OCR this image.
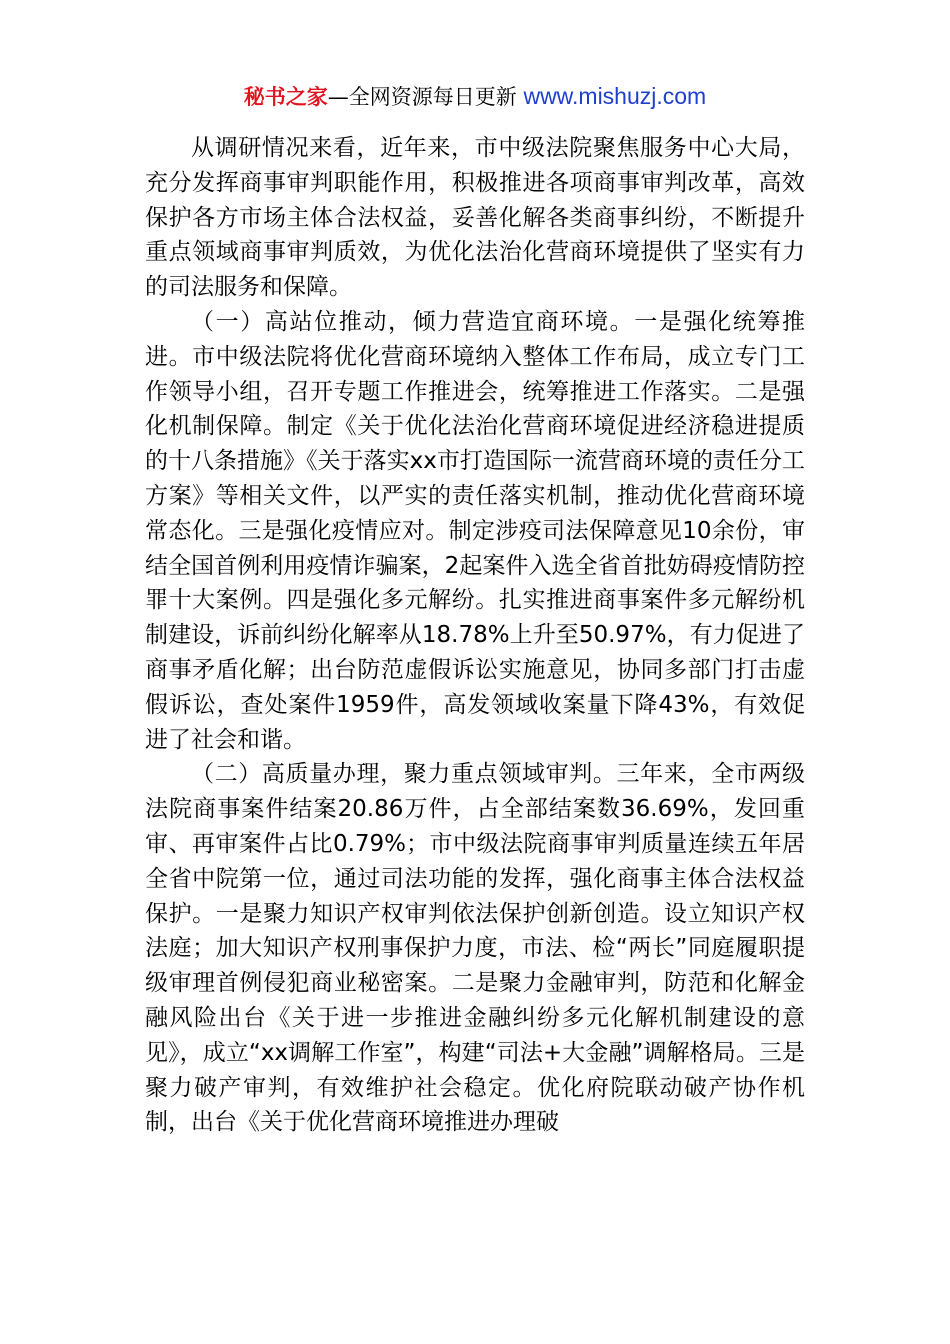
秘书之家—全网资源每日更新 www.mishuzj.com

从调研情况来看，近年来，市中级法院聚焦服务中心大局，充分发挥商事审判职能作用，积极推进各项商事审判改革，高效保护各方市场主体合法权益，妥善化解各类商事纠纷，不断提升重点领域商事审判质效，为优化法治化营商环境提供了坚实有力的司法服务和保障。

（一）高站位推动，倾力营造宜商环境。一是强化统筹推进。市中级法院将优化营商环境纳入整体工作布局，成立专门工作领导小组，召开专题工作推进会，统筹推进工作落实。二是强化机制保障。制定《关于优化法治化营商环境促进经济稳进提质的十八条措施》《关于落实xx市打造国际一流营商环境的责任分工方案》等相关文件，以严实的责任落实机制，推动优化营商环境常态化。三是强化疫情应对。制定涉疫司法保障意见10余份，审结全国首例利用疫情诈骗案，2起案件入选全省首批妨碍疫情防控罪十大案例。四是强化多元解纷。扎实推进商事案件多元解纷机制建设，诉前纠纷化解率从18.78%上升至50.97%，有力促进了商事矛盾化解；出台防范虚假诉讼实施意见，协同多部门打击虚假诉讼，查处案件1959件，高发领域收案量下降43%，有效促进了社会和谐。

（二）高质量办理，聚力重点领域审判。三年来，全市两级法院商事案件结案20.86万件，占全部结案数36.69%，发回重审、再审案件占比0.79%；市中级法院商事审判质量连续五年居全省中院第一位，通过司法功能的发挥，强化商事主体合法权益保护。一是聚力知识产权审判依法保护创新创造。设立知识产权法庭；加大知识产权刑事保护力度，市法、检“两长”同庭履职提级审理首例侵犯商业秘密案。二是聚力金融审判，防范和化解金融风险出台《关于进一步推进金融纠纷多元化解机制建设的意见》，成立“xx调解工作室”，构建“司法+大金融”调解格局。三是聚力破产审判，有效维护社会稳定。优化府院联动破产协作机制，出台《关于优化营商环境推进办理破
